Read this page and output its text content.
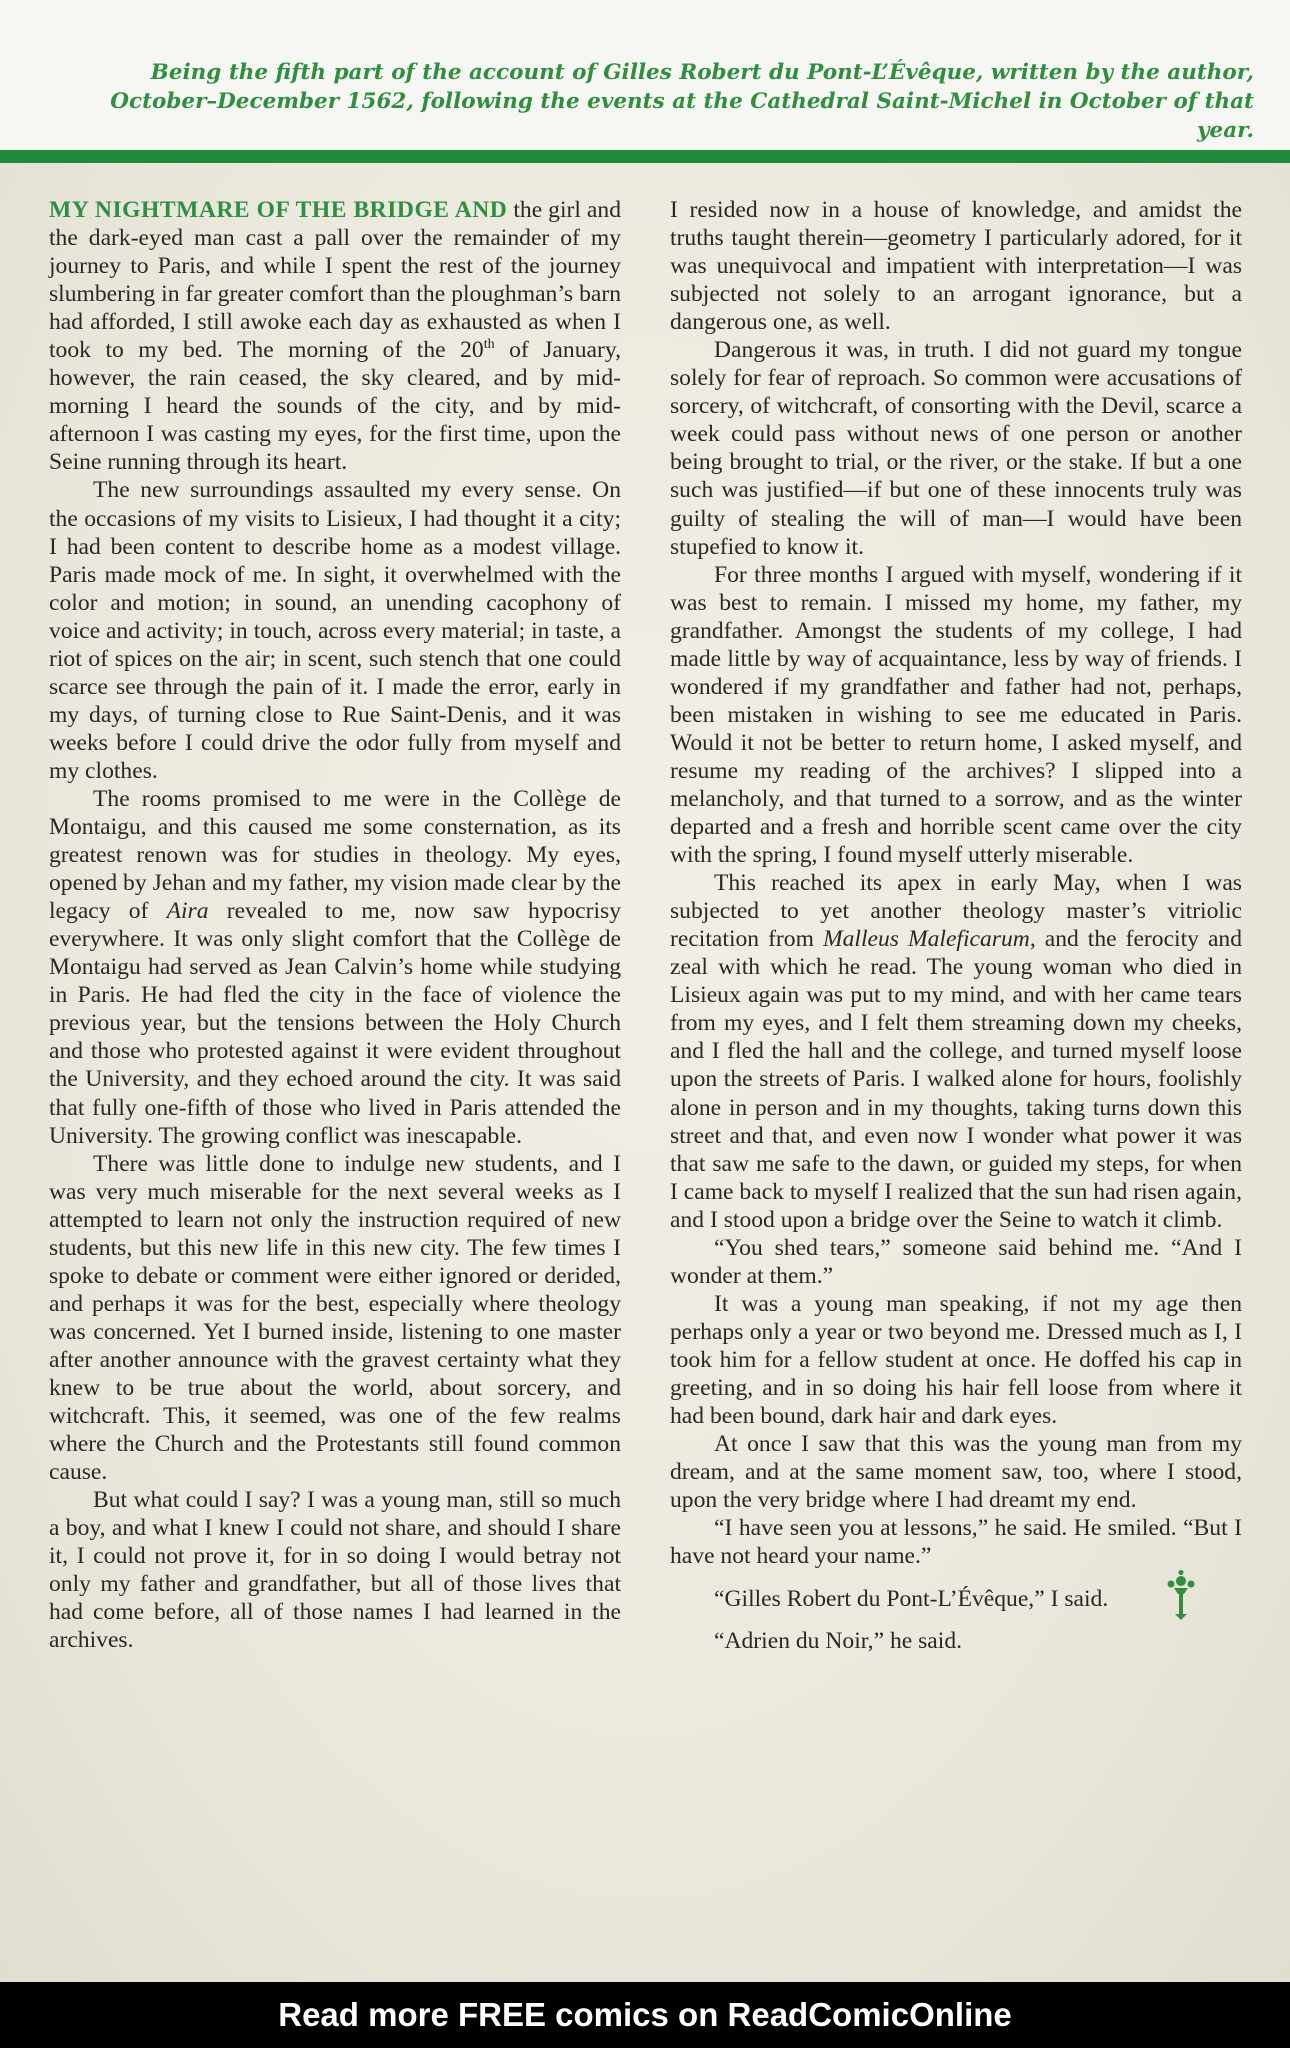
Being the fifth part of the account of Gilles Robert du Pont-L’Évêque, written by the author, October–December 1562, following the events at the Cathedral Saint-Michel in October of that year.

MY NIGHTMARE OF THE BRIDGE AND the girl and the dark-eyed man cast a pall over the remainder of my journey to Paris, and while I spent the rest of the journey slumbering in far greater comfort than the ploughman’s barn had afforded, I still awoke each day as exhausted as when I took to my bed. The morning of the 20th of January, however, the rain ceased, the sky cleared, and by mid-morning I heard the sounds of the city, and by mid-afternoon I was casting my eyes, for the first time, upon the Seine running through its heart.

The new surroundings assaulted my every sense. On the occasions of my visits to Lisieux, I had thought it a city; I had been content to describe home as a modest village. Paris made mock of me. In sight, it overwhelmed with the color and motion; in sound, an unending cacophony of voice and activity; in touch, across every material; in taste, a riot of spices on the air; in scent, such stench that one could scarce see through the pain of it. I made the error, early in my days, of turning close to Rue Saint-Denis, and it was weeks before I could drive the odor fully from myself and my clothes.

The rooms promised to me were in the Collège de Montaigu, and this caused me some consternation, as its greatest renown was for studies in theology. My eyes, opened by Jehan and my father, my vision made clear by the legacy of Aira revealed to me, now saw hypocrisy everywhere. It was only slight comfort that the Collège de Montaigu had served as Jean Calvin’s home while studying in Paris. He had fled the city in the face of violence the previous year, but the tensions between the Holy Church and those who protested against it were evident throughout the University, and they echoed around the city. It was said that fully one-fifth of those who lived in Paris attended the University. The growing conflict was inescapable.

There was little done to indulge new students, and I was very much miserable for the next several weeks as I attempted to learn not only the instruction required of new students, but this new life in this new city. The few times I spoke to debate or comment were either ignored or derided, and perhaps it was for the best, especially where theology was concerned. Yet I burned inside, listening to one master after another announce with the gravest certainty what they knew to be true about the world, about sorcery, and witchcraft. This, it seemed, was one of the few realms where the Church and the Protestants still found common cause.

But what could I say? I was a young man, still so much a boy, and what I knew I could not share, and should I share it, I could not prove it, for in so doing I would betray not only my father and grandfather, but all of those lives that had come before, all of those names I had learned in the archives.

I resided now in a house of knowledge, and amidst the truths taught therein—geometry I particularly adored, for it was unequivocal and impatient with interpretation—I was subjected not solely to an arrogant ignorance, but a dangerous one, as well.

Dangerous it was, in truth. I did not guard my tongue solely for fear of reproach. So common were accusations of sorcery, of witchcraft, of consorting with the Devil, scarce a week could pass without news of one person or another being brought to trial, or the river, or the stake. If but a one such was justified—if but one of these innocents truly was guilty of stealing the will of man—I would have been stupefied to know it.

For three months I argued with myself, wondering if it was best to remain. I missed my home, my father, my grandfather. Amongst the students of my college, I had made little by way of acquaintance, less by way of friends. I wondered if my grandfather and father had not, perhaps, been mistaken in wishing to see me educated in Paris. Would it not be better to return home, I asked myself, and resume my reading of the archives? I slipped into a melancholy, and that turned to a sorrow, and as the winter departed and a fresh and horrible scent came over the city with the spring, I found myself utterly miserable.

This reached its apex in early May, when I was subjected to yet another theology master’s vitriolic recitation from Malleus Maleficarum, and the ferocity and zeal with which he read. The young woman who died in Lisieux again was put to my mind, and with her came tears from my eyes, and I felt them streaming down my cheeks, and I fled the hall and the college, and turned myself loose upon the streets of Paris. I walked alone for hours, foolishly alone in person and in my thoughts, taking turns down this street and that, and even now I wonder what power it was that saw me safe to the dawn, or guided my steps, for when I came back to myself I realized that the sun had risen again, and I stood upon a bridge over the Seine to watch it climb.

“You shed tears,” someone said behind me. “And I wonder at them.”

It was a young man speaking, if not my age then perhaps only a year or two beyond me. Dressed much as I, I took him for a fellow student at once. He doffed his cap in greeting, and in so doing his hair fell loose from where it had been bound, dark hair and dark eyes.

At once I saw that this was the young man from my dream, and at the same moment saw, too, where I stood, upon the very bridge where I had dreamt my end.

“I have seen you at lessons,” he said. He smiled. “But I have not heard your name.”

“Gilles Robert du Pont-L’Évêque,” I said.

“Adrien du Noir,” he said.

Read more FREE comics on ReadComicOnline
